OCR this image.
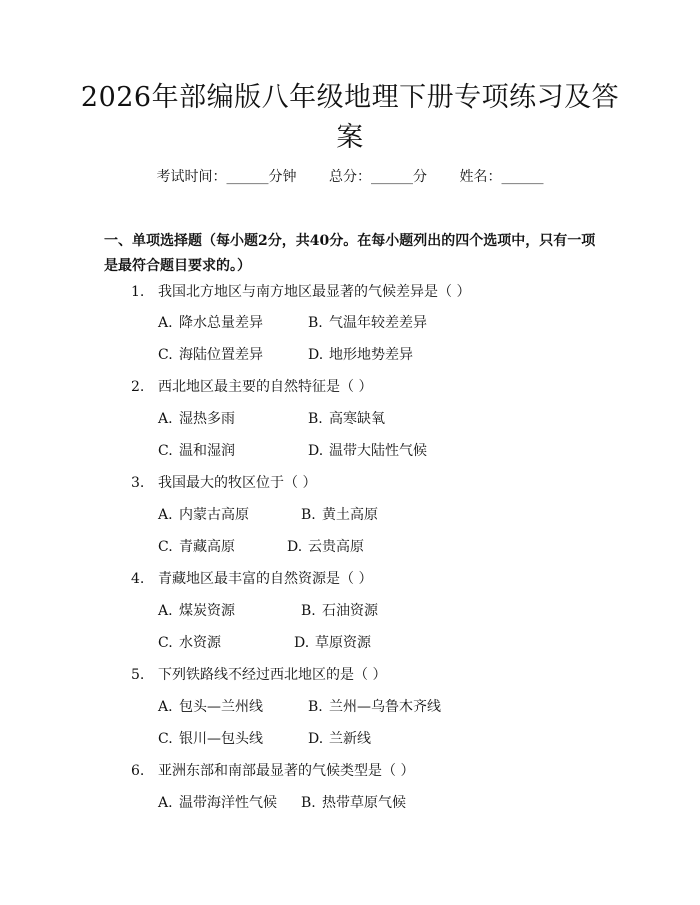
2026年部编版八年级地理下册专项练习及答案
考试时间：______分钟 总分：______分 姓名：______

一、单项选择题（每小题2分，共40分。在每小题列出的四个选项中，只有一项是最符合题目要求的。）

1. 我国北方地区与南方地区最显著的气候差异是（ ）
A. 降水总量差异	B. 气温年较差差异
C. 海陆位置差异	D. 地形地势差异
2. 西北地区最主要的自然特征是（ ）
A. 湿热多雨	B. 高寒缺氧
C. 温和湿润	D. 温带大陆性气候
3. 我国最大的牧区位于（ ）
A. 内蒙古高原	B. 黄土高原
C. 青藏高原	D. 云贵高原
4. 青藏地区最丰富的自然资源是（ ）
A. 煤炭资源	B. 石油资源
C. 水资源	D. 草原资源
5. 下列铁路线不经过西北地区的是（ ）
A. 包头—兰州线	B. 兰州—乌鲁木齐线
C. 银川—包头线	D. 兰新线
6. 亚洲东部和南部最显著的气候类型是（ ）
A. 温带海洋性气候 B. 热带草原气候
